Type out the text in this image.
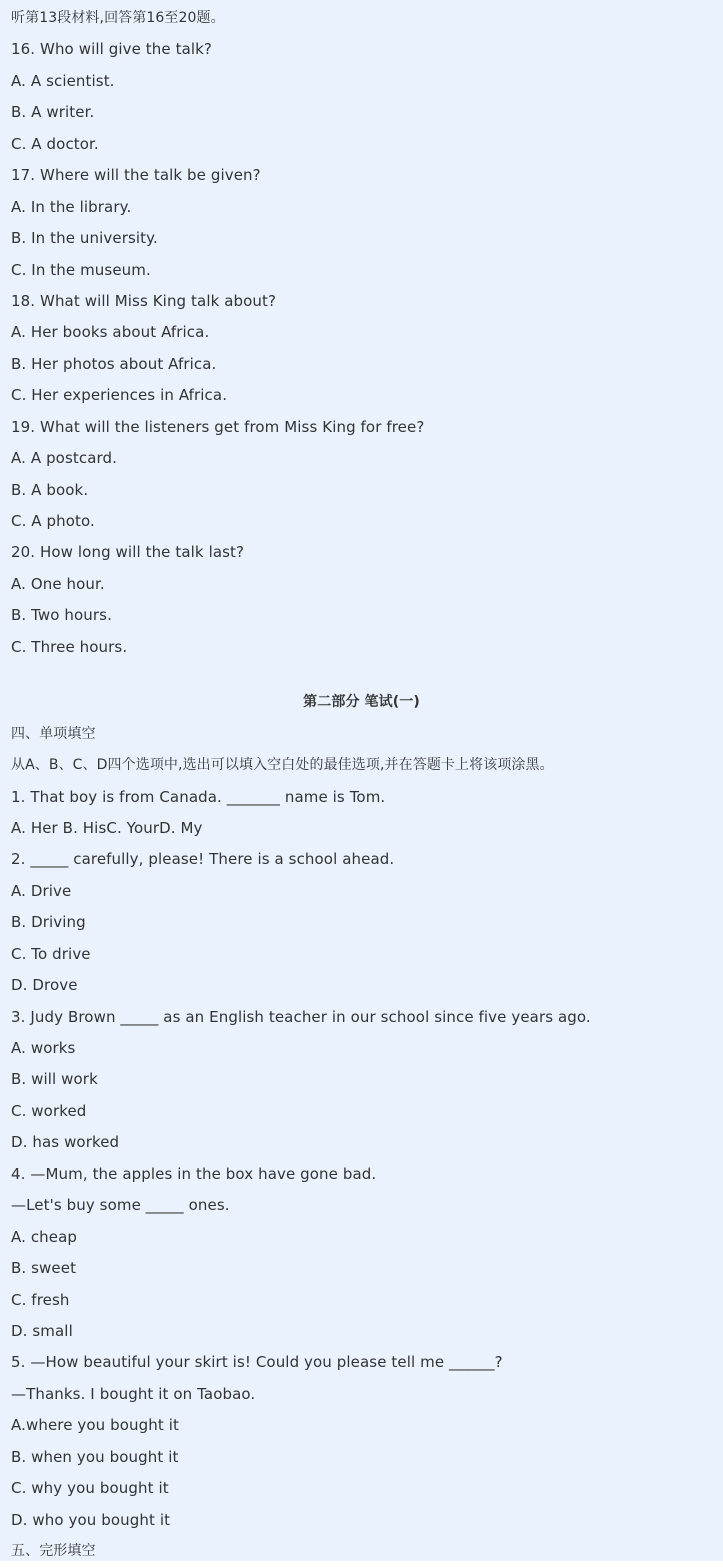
听第13段材料,回答第16至20题。
16. Who will give the talk?
A. A scientist.
B. A writer.
C. A doctor.
17. Where will the talk be given?
A. In the library.
B. In the university.
C. In the museum.
18. What will Miss King talk about?
A. Her books about Africa.
B. Her photos about Africa.
C. Her experiences in Africa.
19. What will the listeners get from Miss King for free?
A. A postcard.
B. A book.
C. A photo.
20. How long will the talk last?
A. One hour.
B. Two hours.
C. Three hours.
第二部分 笔试(一)
四、单项填空
从A、B、C、D四个选项中,选出可以填入空白处的最佳选项,并在答题卡上将该项涂黑。
1. That boy is from Canada. _______ name is Tom.
A. Her B. HisC. YourD. My
2. _____ carefully, please! There is a school ahead.
A. Drive
B. Driving
C. To drive
D. Drove
3. Judy Brown _____ as an English teacher in our school since five years ago.
A. works
B. will work
C. worked
D. has worked
4. —Mum, the apples in the box have gone bad.
—Let's buy some _____ ones.
A. cheap
B. sweet
C. fresh
D. small
5. —How beautiful your skirt is! Could you please tell me ______?
—Thanks. I bought it on Taobao.
A.where you bought it
B. when you bought it
C. why you bought it
D. who you bought it
五、完形填空
